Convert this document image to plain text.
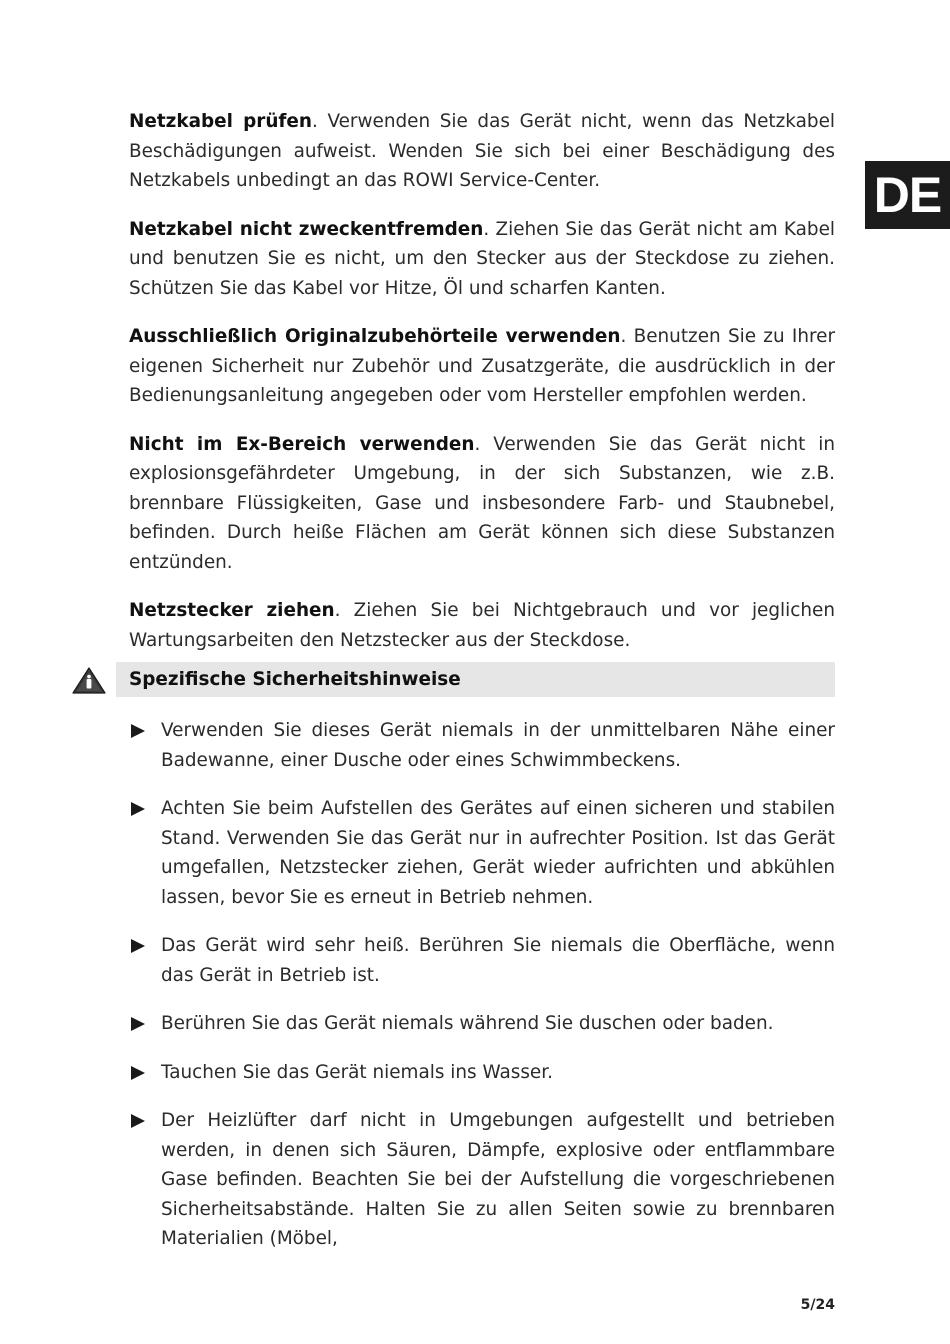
DE

Netzkabel prüfen. Verwenden Sie das Gerät nicht, wenn das Netzkabel Beschädigungen aufweist. Wenden Sie sich bei einer Beschädigung des Netzkabels unbedingt an das ROWI Service-Center.

Netzkabel nicht zweckentfremden. Ziehen Sie das Gerät nicht am Kabel und benutzen Sie es nicht, um den Stecker aus der Steckdose zu ziehen. Schützen Sie das Kabel vor Hitze, Öl und scharfen Kanten.

Ausschließlich Originalzubehörteile verwenden. Benutzen Sie zu Ihrer eigenen Sicherheit nur Zubehör und Zusatzgeräte, die ausdrücklich in der Bedienungsanleitung angegeben oder vom Hersteller empfohlen werden.

Nicht im Ex-Bereich verwenden. Verwenden Sie das Gerät nicht in explosionsgefährdeter Umgebung, in der sich Substanzen, wie z.B. brennbare Flüssigkeiten, Gase und insbesondere Farb- und Staubnebel, befinden. Durch heiße Flächen am Gerät können sich diese Substanzen entzünden.

Netzstecker ziehen. Ziehen Sie bei Nichtgebrauch und vor jeglichen Wartungsarbeiten den Netzstecker aus der Steckdose.

Spezifische Sicherheitshinweise
Verwenden Sie dieses Gerät niemals in der unmittelbaren Nähe einer Badewanne, einer Dusche oder eines Schwimmbeckens.
Achten Sie beim Aufstellen des Gerätes auf einen sicheren und stabilen Stand. Verwenden Sie das Gerät nur in aufrechter Position. Ist das Gerät umgefallen, Netzstecker ziehen, Gerät wieder aufrichten und abkühlen lassen, bevor Sie es erneut in Betrieb nehmen.
Das Gerät wird sehr heiß. Berühren Sie niemals die Oberfläche, wenn das Gerät in Betrieb ist.
Berühren Sie das Gerät niemals während Sie duschen oder baden.
Tauchen Sie das Gerät niemals ins Wasser.
Der Heizlüfter darf nicht in Umgebungen aufgestellt und betrieben werden, in denen sich Säuren, Dämpfe, explosive oder entflammbare Gase befinden. Beachten Sie bei der Aufstellung die vorgeschriebenen Sicherheitsabstände. Halten Sie zu allen Seiten sowie zu brennbaren Materialien (Möbel,
5/24
